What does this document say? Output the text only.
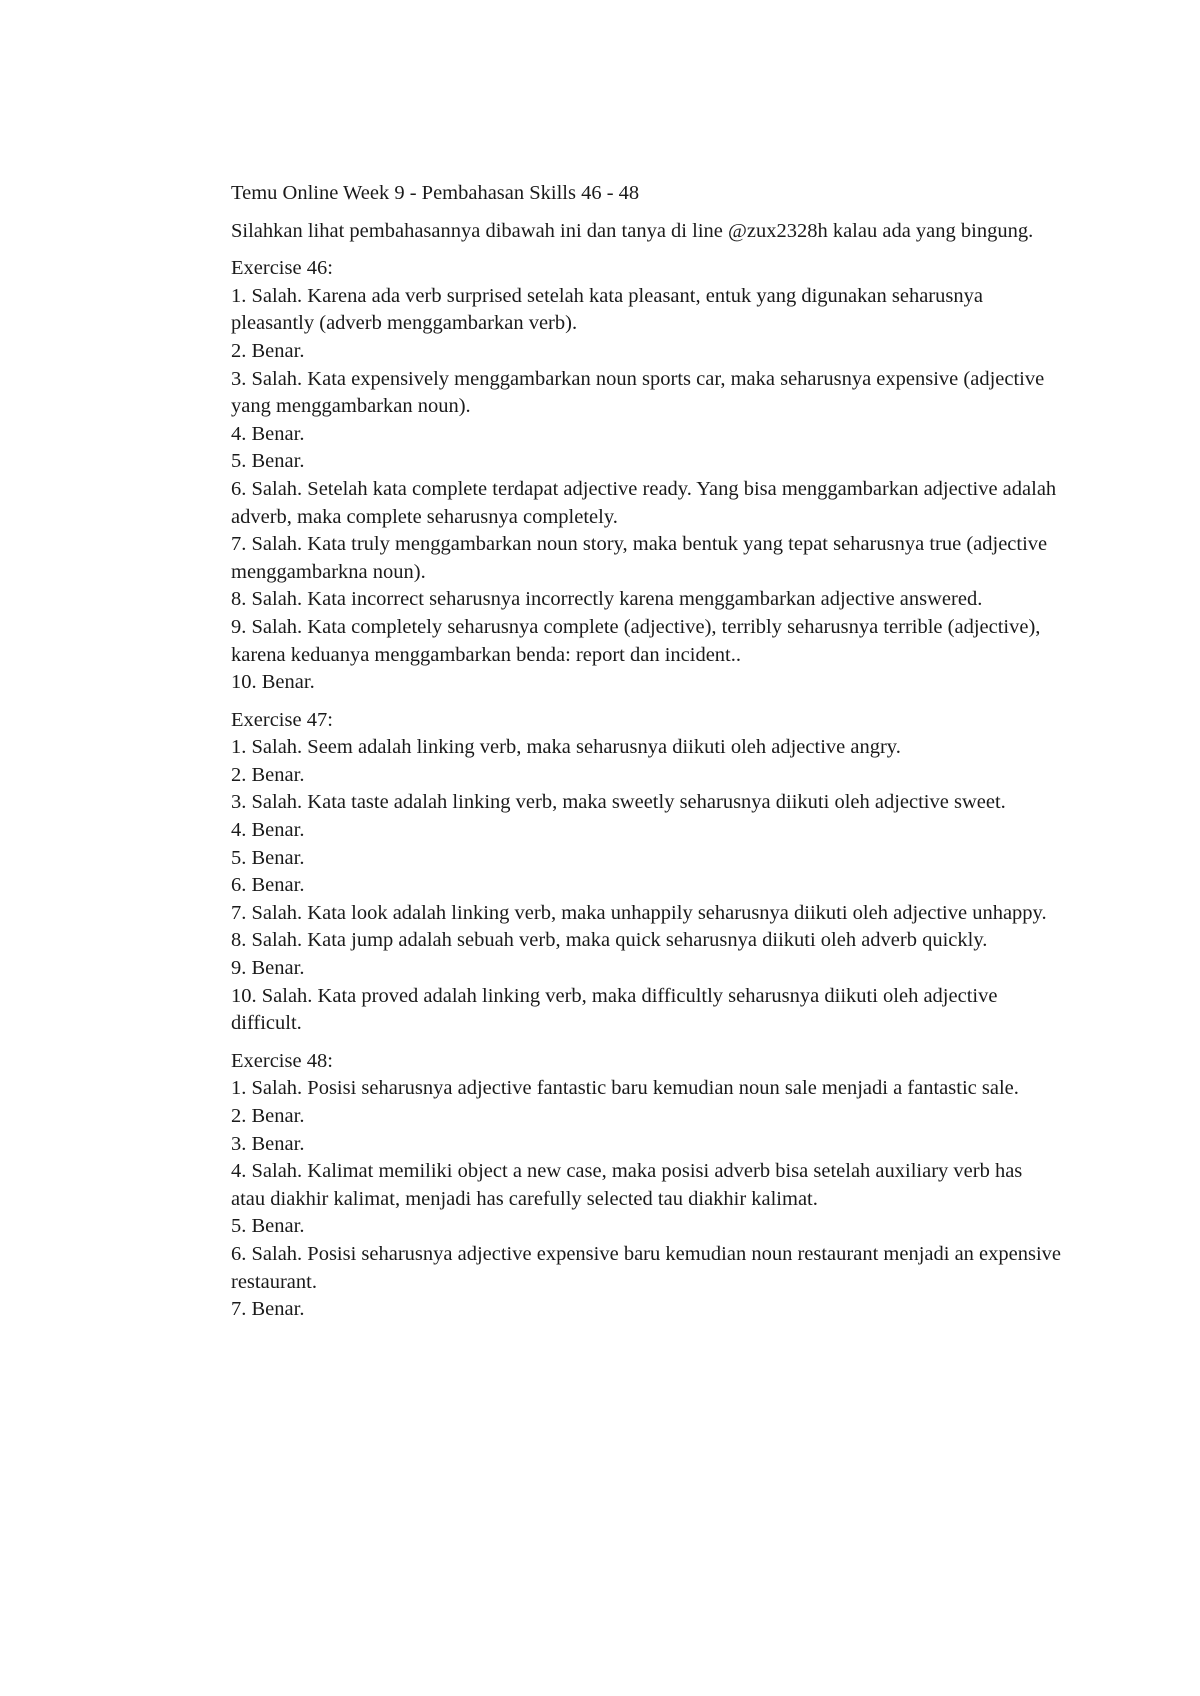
Temu Online Week 9 - Pembahasan Skills 46 - 48

Silahkan lihat pembahasannya dibawah ini dan tanya di line @zux2328h kalau ada yang bingung.

Exercise 46:

1. Salah. Karena ada verb surprised setelah kata pleasant, entuk yang digunakan seharusnya pleasantly (adverb menggambarkan verb).

2. Benar.

3. Salah. Kata expensively menggambarkan noun sports car, maka seharusnya expensive (adjective yang menggambarkan noun).

4. Benar.

5. Benar.

6. Salah. Setelah kata complete terdapat adjective ready. Yang bisa menggambarkan adjective adalah adverb, maka complete seharusnya completely.

7. Salah. Kata truly menggambarkan noun story, maka bentuk yang tepat seharusnya true (adjective menggambarkna noun).

8. Salah. Kata incorrect seharusnya incorrectly karena menggambarkan adjective answered.

9. Salah. Kata completely seharusnya complete (adjective), terribly seharusnya terrible (adjective), karena keduanya menggambarkan benda: report dan incident..

10. Benar.

Exercise 47:

1. Salah. Seem adalah linking verb, maka seharusnya diikuti oleh adjective angry.

2. Benar.

3. Salah. Kata taste adalah linking verb, maka sweetly seharusnya diikuti oleh adjective sweet.

4. Benar.

5. Benar.

6. Benar.

7. Salah. Kata look adalah linking verb, maka unhappily seharusnya diikuti oleh adjective unhappy.

8. Salah. Kata jump adalah sebuah verb, maka quick seharusnya diikuti oleh adverb quickly.

9. Benar.

10. Salah. Kata proved adalah linking verb, maka difficultly seharusnya diikuti oleh adjective difficult.

Exercise 48:

1. Salah. Posisi seharusnya adjective fantastic baru kemudian noun sale menjadi a fantastic sale.

2. Benar.

3. Benar.

4. Salah. Kalimat memiliki object a new case, maka posisi adverb bisa setelah auxiliary verb has atau diakhir kalimat, menjadi has carefully selected tau diakhir kalimat.

5. Benar.

6. Salah. Posisi seharusnya adjective expensive baru kemudian noun restaurant menjadi an expensive restaurant.

7. Benar.
